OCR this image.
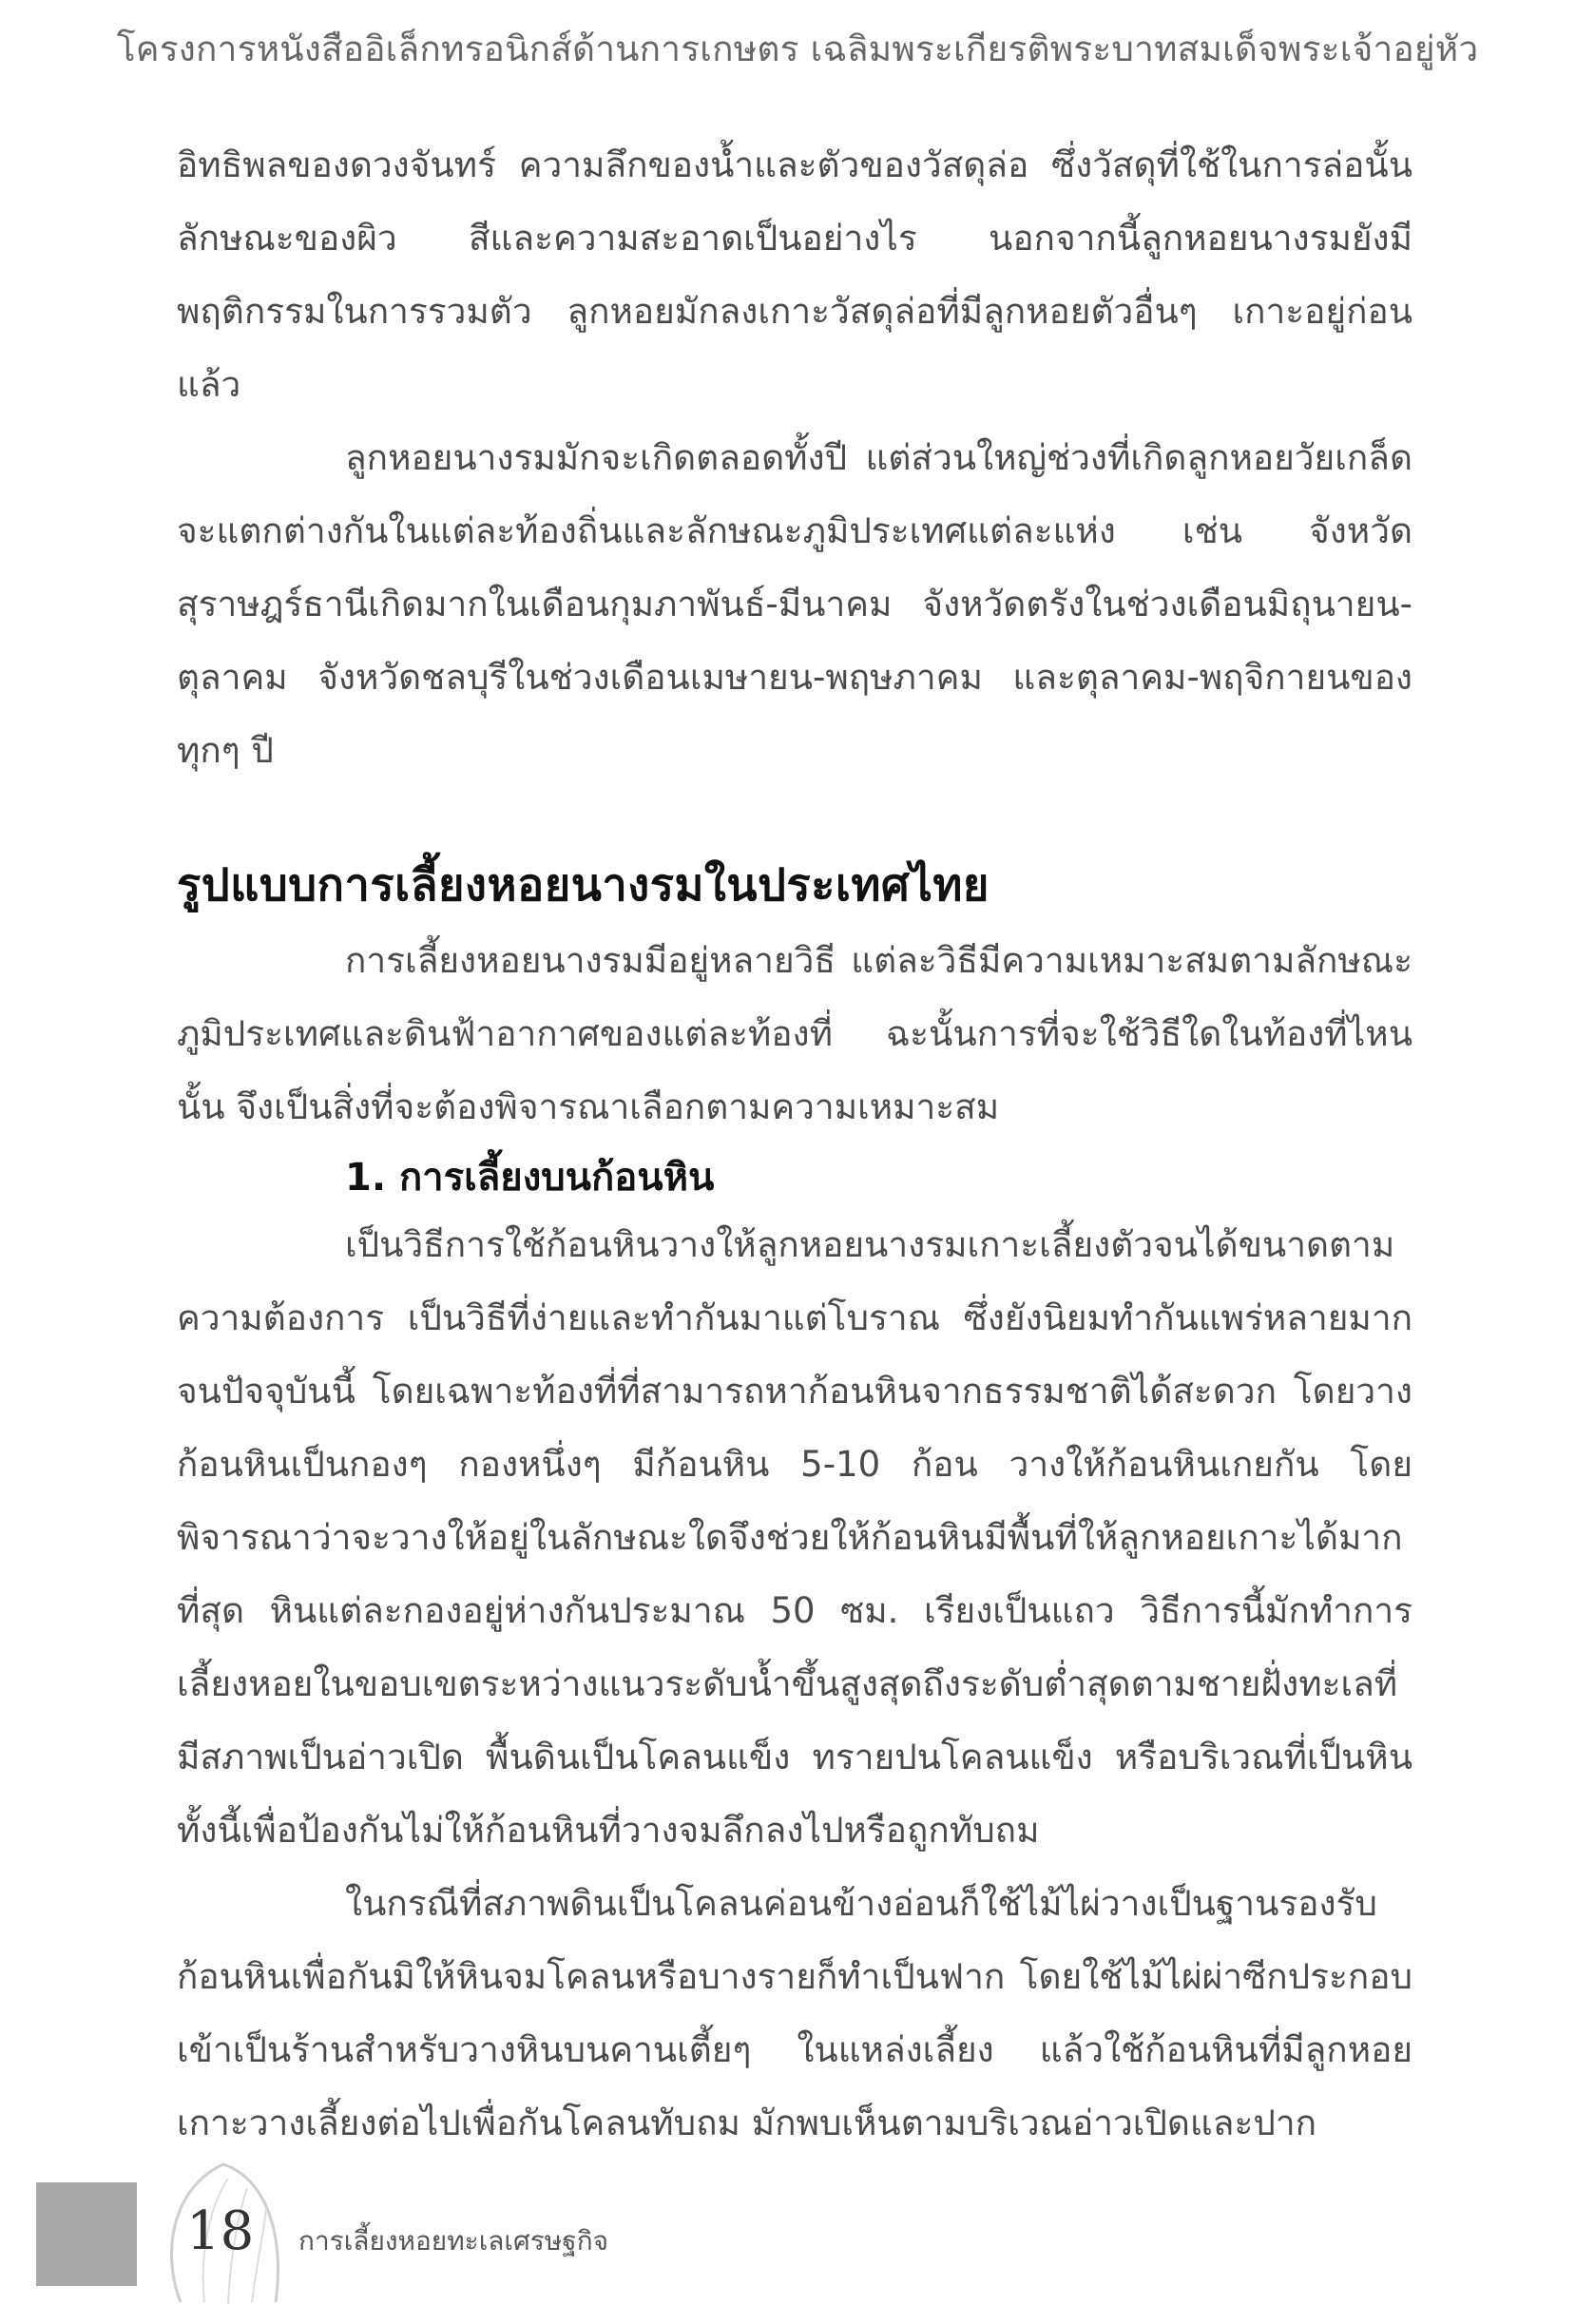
โครงการหนังสืออิเล็กทรอนิกส์ด้านการเกษตร เฉลิมพระเกียรติพระบาทสมเด็จพระเจ้าอยู่หัว

อิทธิพลของดวงจันทร์ ความลึกของน้ำและตัวของวัสดุล่อ ซึ่งวัสดุที่ใช้ในการล่อนั้นลักษณะของผิว สีและความสะอาดเป็นอย่างไร นอกจากนี้ลูกหอยนางรมยังมีพฤติกรรมในการรวมตัว ลูกหอยมักลงเกาะวัสดุล่อที่มีลูกหอยตัวอื่นๆ เกาะอยู่ก่อนแล้ว

ลูกหอยนางรมมักจะเกิดตลอดทั้งปี แต่ส่วนใหญ่ช่วงที่เกิดลูกหอยวัยเกล็ด จะแตกต่างกันในแต่ละท้องถิ่นและลักษณะภูมิประเทศแต่ละแห่ง เช่น จังหวัดสุราษฎร์ธานีเกิดมากในเดือนกุมภาพันธ์-มีนาคม จังหวัดตรังในช่วงเดือนมิถุนายน-ตุลาคม จังหวัดชลบุรีในช่วงเดือนเมษายน-พฤษภาคม และตุลาคม-พฤจิกายนของทุกๆ ปี

รูปแบบการเลี้ยงหอยนางรมในประเทศไทย

การเลี้ยงหอยนางรมมีอยู่หลายวิธี แต่ละวิธีมีความเหมาะสมตามลักษณะภูมิประเทศและดินฟ้าอากาศของแต่ละท้องที่ ฉะนั้นการที่จะใช้วิธีใดในท้องที่ไหนนั้น จึงเป็นสิ่งที่จะต้องพิจารณาเลือกตามความเหมาะสม

1. การเลี้ยงบนก้อนหิน

เป็นวิธีการใช้ก้อนหินวางให้ลูกหอยนางรมเกาะเลี้ยงตัวจนได้ขนาดตามความต้องการ เป็นวิธีที่ง่ายและทำกันมาแต่โบราณ ซึ่งยังนิยมทำกันแพร่หลายมากจนปัจจุบันนี้ โดยเฉพาะท้องที่ที่สามารถหาก้อนหินจากธรรมชาติได้สะดวก โดยวางก้อนหินเป็นกองๆ กองหนึ่งๆ มีก้อนหิน 5-10 ก้อน วางให้ก้อนหินเกยกัน โดยพิจารณาว่าจะวางให้อยู่ในลักษณะใดจึงช่วยให้ก้อนหินมีพื้นที่ให้ลูกหอยเกาะได้มากที่สุด หินแต่ละกองอยู่ห่างกันประมาณ 50 ซม. เรียงเป็นแถว วิธีการนี้มักทำการเลี้ยงหอยในขอบเขตระหว่างแนวระดับน้ำขึ้นสูงสุดถึงระดับต่ำสุดตามชายฝั่งทะเลที่มีสภาพเป็นอ่าวเปิด พื้นดินเป็นโคลนแข็ง ทรายปนโคลนแข็ง หรือบริเวณที่เป็นหินทั้งนี้เพื่อป้องกันไม่ให้ก้อนหินที่วางจมลึกลงไปหรือถูกทับถม

ในกรณีที่สภาพดินเป็นโคลนค่อนข้างอ่อนก็ใช้ไม้ไผ่วางเป็นฐานรองรับก้อนหินเพื่อกันมิให้หินจมโคลนหรือบางรายก็ทำเป็นฟาก โดยใช้ไม้ไผ่ผ่าซีกประกอบเข้าเป็นร้านสำหรับวางหินบนคานเตี้ยๆ ในแหล่งเลี้ยง แล้วใช้ก้อนหินที่มีลูกหอยเกาะวางเลี้ยงต่อไปเพื่อกันโคลนทับถม มักพบเห็นตามบริเวณอ่าวเปิดและปาก

18 การเลี้ยงหอยทะเลเศรษฐกิจ
